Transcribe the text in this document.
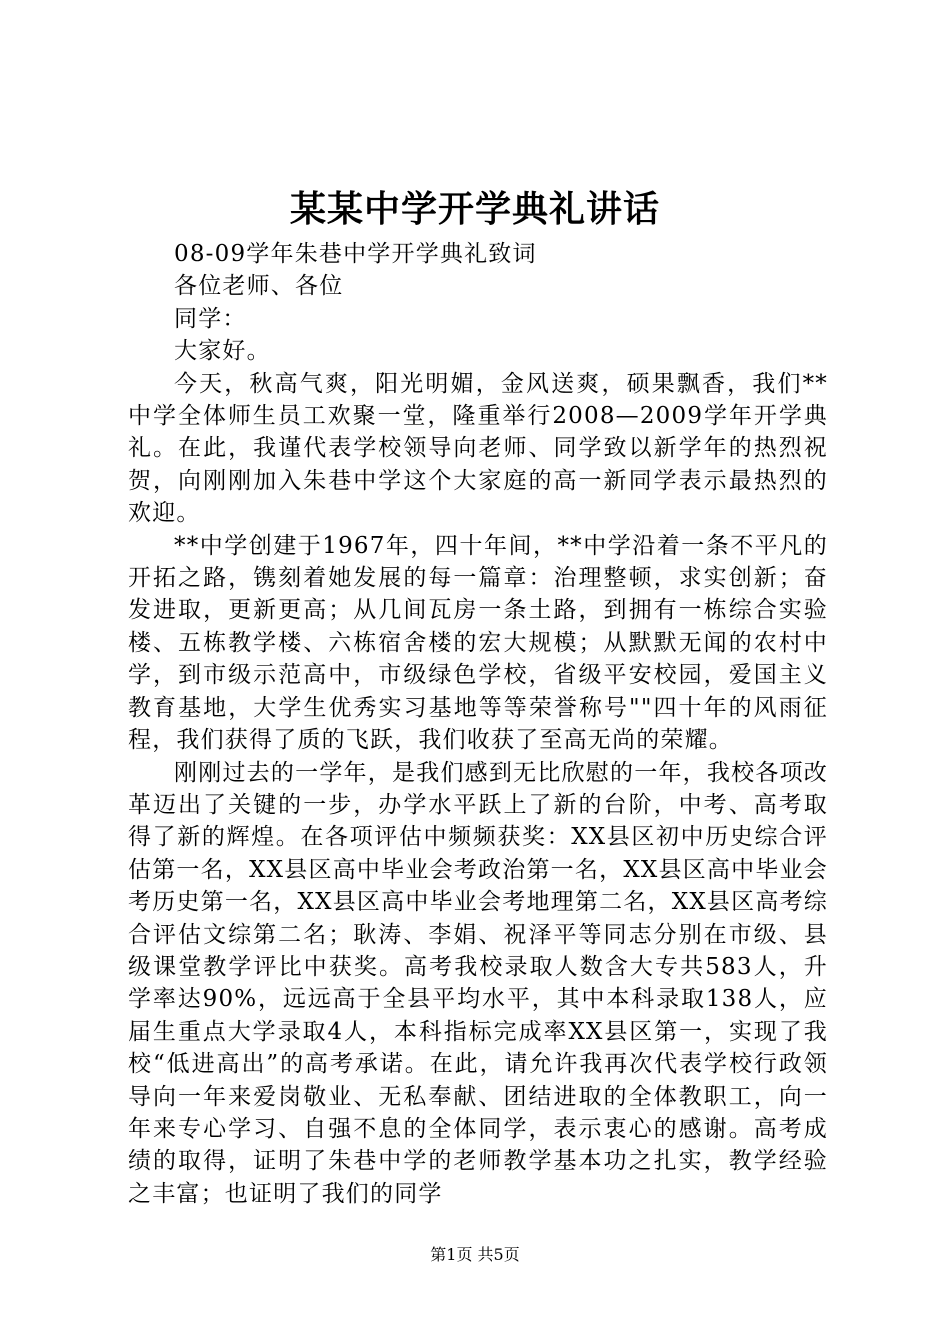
某某中学开学典礼讲话

08-09学年朱巷中学开学典礼致词

各位老师、各位

同学：

大家好。

今天，秋高气爽，阳光明媚，金风送爽，硕果飘香，我们**中学全体师生员工欢聚一堂，隆重举行2008—2009学年开学典礼。在此，我谨代表学校领导向老师、同学致以新学年的热烈祝贺，向刚刚加入朱巷中学这个大家庭的高一新同学表示最热烈的欢迎。

**中学创建于1967年，四十年间，**中学沿着一条不平凡的开拓之路，镌刻着她发展的每一篇章：治理整顿，求实创新；奋发进取，更新更高；从几间瓦房一条土路，到拥有一栋综合实验楼、五栋教学楼、六栋宿舍楼的宏大规模；从默默无闻的农村中学，到市级示范高中，市级绿色学校，省级平安校园，爱国主义教育基地，大学生优秀实习基地等等荣誉称号""四十年的风雨征程，我们获得了质的飞跃，我们收获了至高无尚的荣耀。

刚刚过去的一学年，是我们感到无比欣慰的一年，我校各项改革迈出了关键的一步，办学水平跃上了新的台阶，中考、高考取得了新的辉煌。在各项评估中频频获奖：XX县区初中历史综合评估第一名，XX县区高中毕业会考政治第一名，XX县区高中毕业会考历史第一名，XX县区高中毕业会考地理第二名，XX县区高考综合评估文综第二名；耿涛、李娟、祝泽平等同志分别在市级、县级课堂教学评比中获奖。高考我校录取人数含大专共583人，升学率达90%，远远高于全县平均水平，其中本科录取138人，应届生重点大学录取4人，本科指标完成率XX县区第一，实现了我校“低进高出”的高考承诺。在此，请允许我再次代表学校行政领导向一年来爱岗敬业、无私奉献、团结进取的全体教职工，向一年来专心学习、自强不息的全体同学，表示衷心的感谢。高考成绩的取得，证明了朱巷中学的老师教学基本功之扎实，教学经验之丰富；也证明了我们的同学

第1页 共5页
